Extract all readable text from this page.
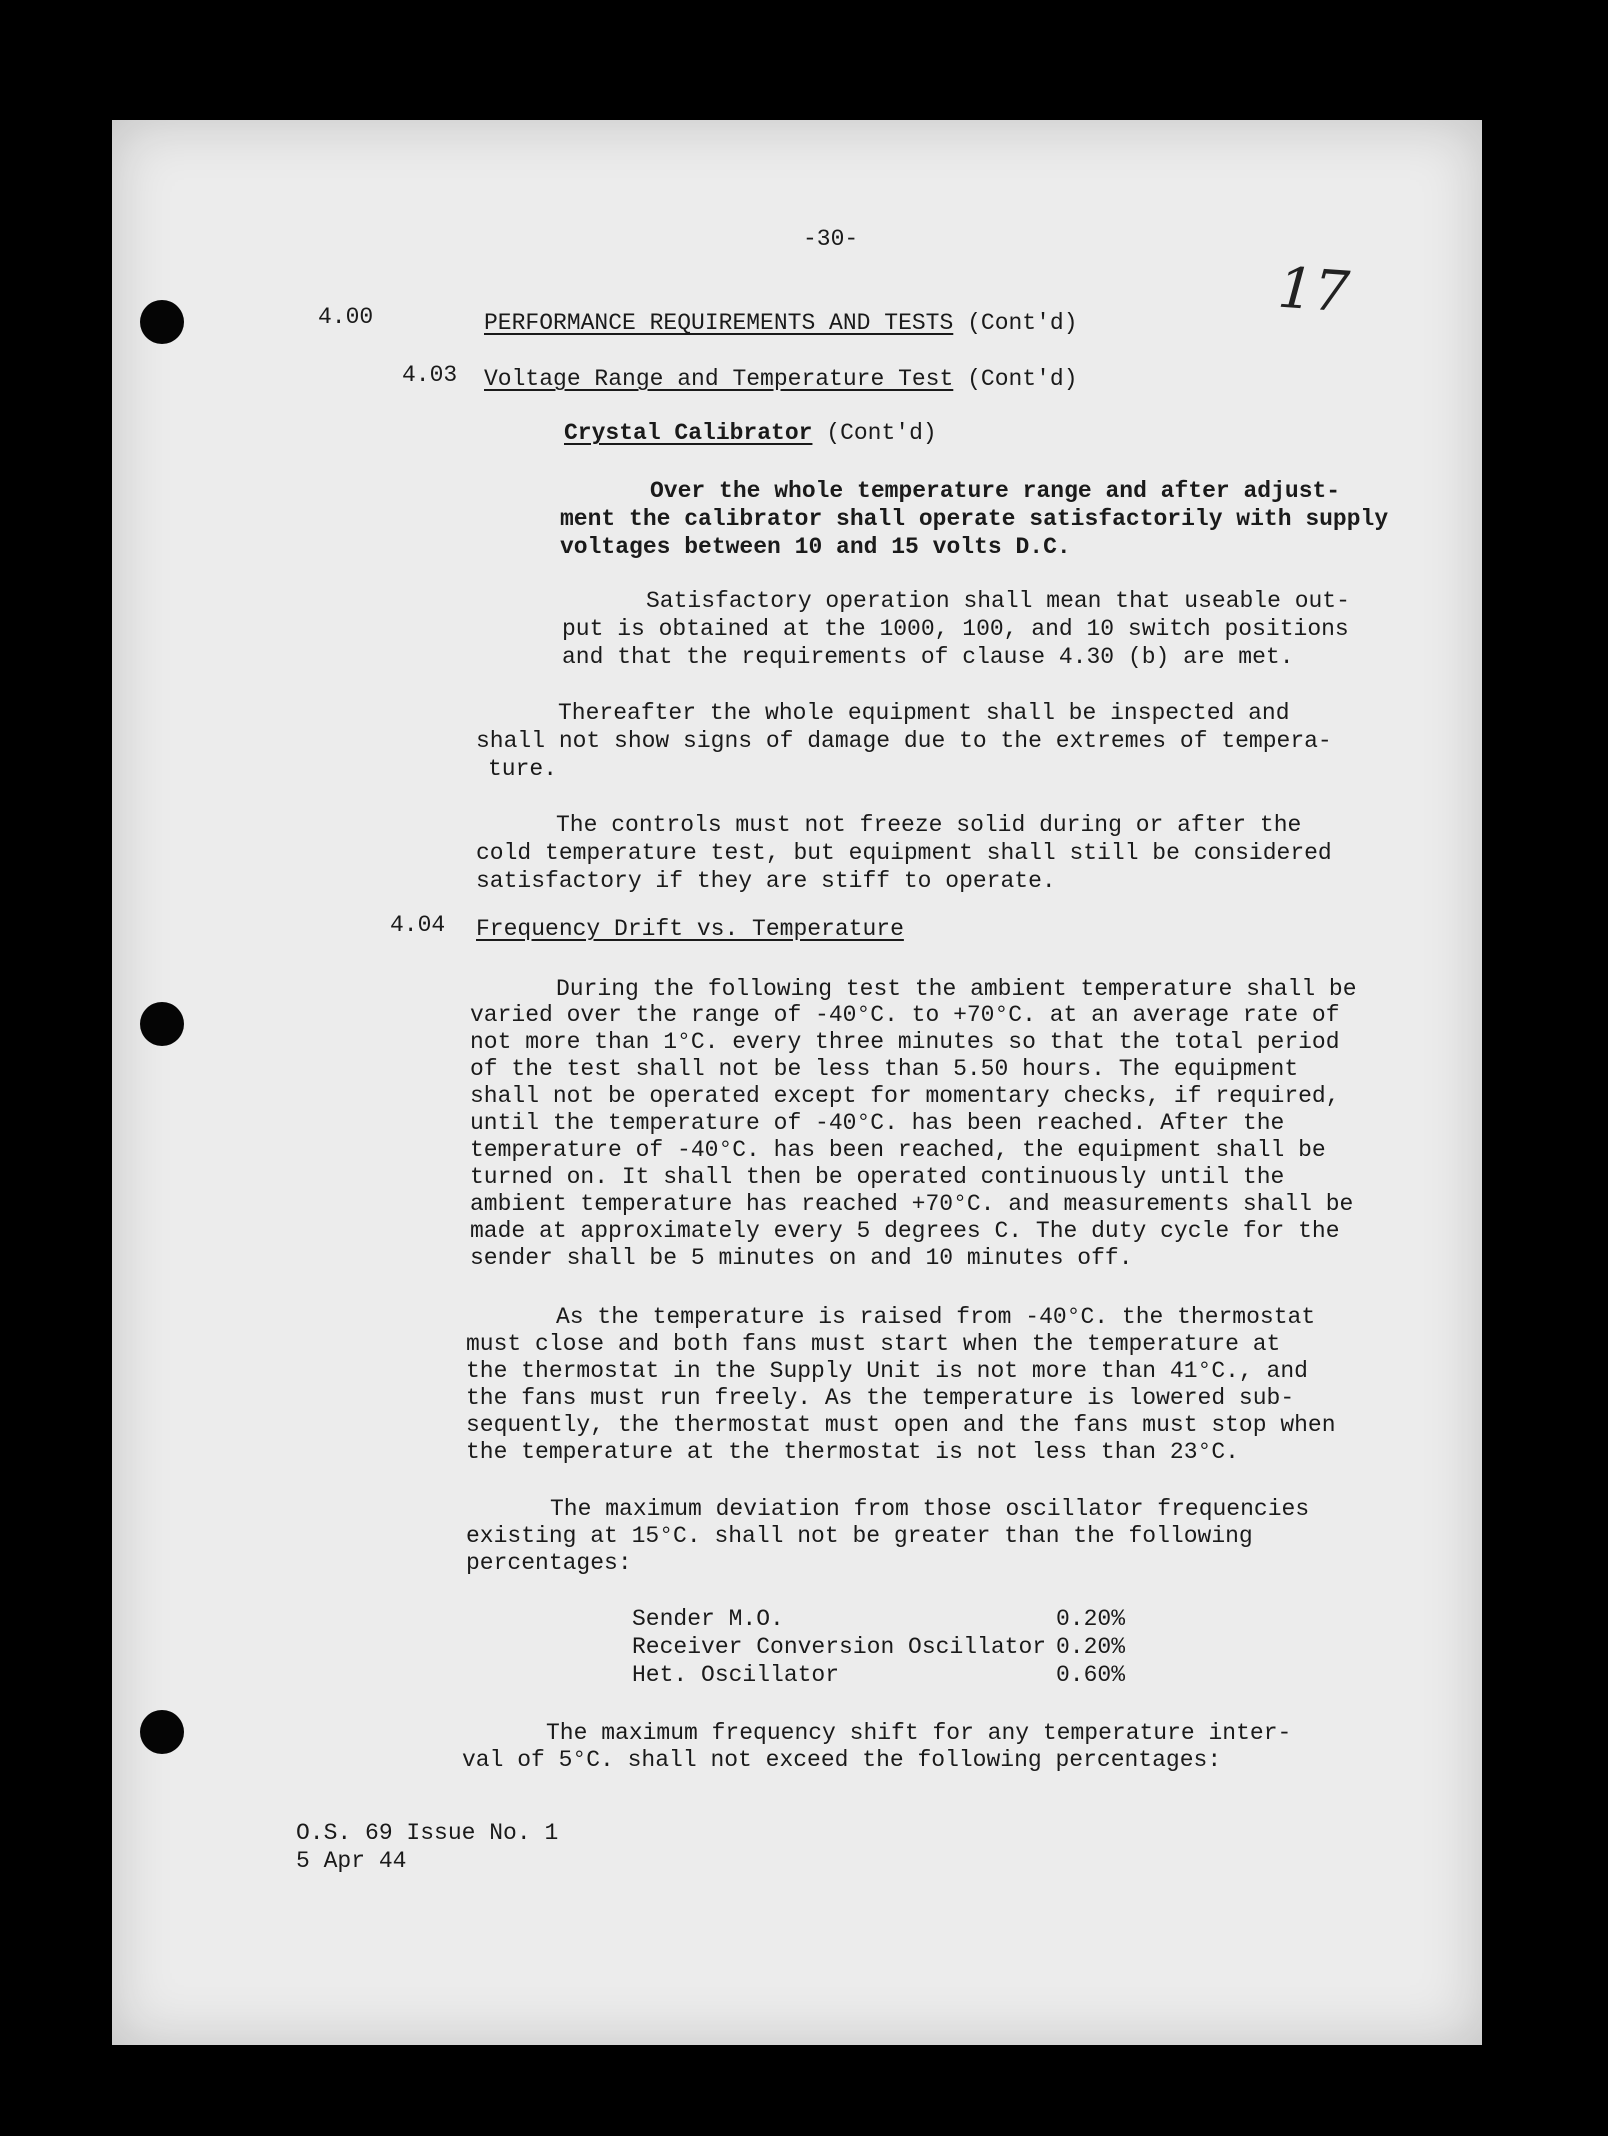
-30-
17
4.00	PERFORMANCE REQUIREMENTS AND TESTS (Cont'd)
4.03 Voltage Range and Temperature Test (Cont'd)
Crystal Calibrator (Cont'd)
Over the whole temperature range and after adjust-
ment the calibrator shall operate satisfactorily with supply
voltages between 10 and 15 volts D.C.
Satisfactory operation shall mean that useable out-
put is obtained at the 1000, 100, and 10 switch positions
and that the requirements of clause 4.30 (b) are met.
Thereafter the whole equipment shall be inspected and
shall not show signs of damage due to the extremes of tempera-
ture.
The controls must not freeze solid during or after the
cold temperature test, but equipment shall still be considered
satisfactory if they are stiff to operate.
4.04 Frequency Drift vs. Temperature
During the following test the ambient temperature shall be
varied over the range of -40°C. to +70°C. at an average rate of
not more than 1°C. every three minutes so that the total period
of the test shall not be less than 5.50 hours. The equipment
shall not be operated except for momentary checks, if required,
until the temperature of -40°C. has been reached. After the
temperature of -40°C. has been reached, the equipment shall be
turned on. It shall then be operated continuously until the
ambient temperature has reached +70°C. and measurements shall be
made at approximately every 5 degrees C. The duty cycle for the
sender shall be 5 minutes on and 10 minutes off.
As the temperature is raised from -40°C. the thermostat
must close and both fans must start when the temperature at
the thermostat in the Supply Unit is not more than 41°C., and
the fans must run freely. As the temperature is lowered sub-
sequently, the thermostat must open and the fans must stop when
the temperature at the thermostat is not less than 23°C.
The maximum deviation from those oscillator frequencies
existing at 15°C. shall not be greater than the following
percentages:
Sender M.O.	0.20%
Receiver Conversion Oscillator 0.20%
Het. Oscillator	0.60%
The maximum frequency shift for any temperature inter-
val of 5°C. shall not exceed the following percentages:
O.S. 69 Issue No. 1
5 Apr 44
